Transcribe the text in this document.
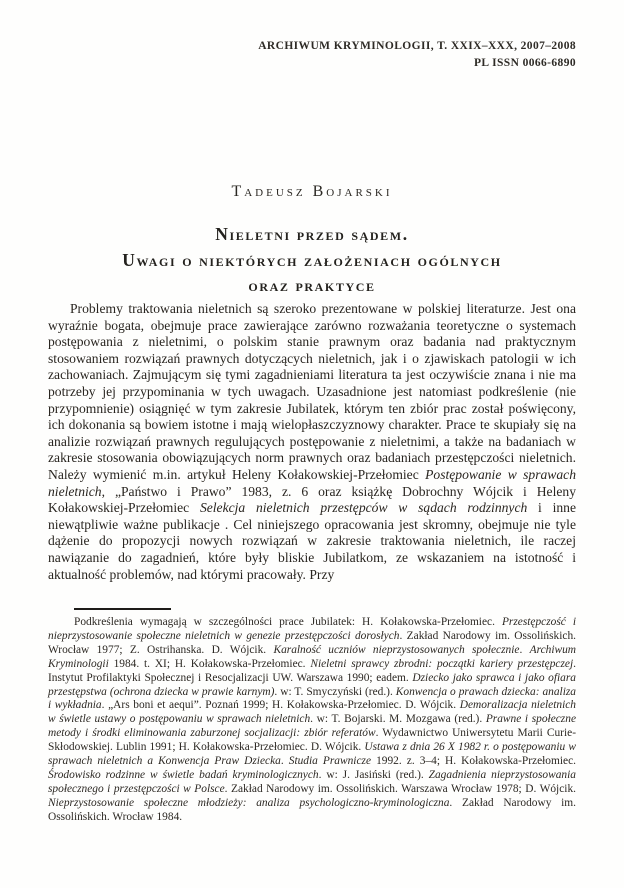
ARCHIWUM KRYMINOLOGII, T. XXIX–XXX, 2007–2008
PL ISSN 0066-6890
Tadeusz Bojarski
Nieletni przed sądem.
Uwagi o niektórych założeniach ogólnych
oraz praktyce

Problemy traktowania nieletnich są szeroko prezentowane w polskiej literaturze. Jest ona wyraźnie bogata, obejmuje prace zawierające zarówno rozważania teoretyczne o systemach postępowania z nieletnimi, o polskim stanie prawnym oraz badania nad praktycznym stosowaniem rozwiązań prawnych dotyczących nieletnich, jak i o zjawiskach patologii w ich zachowaniach. Zajmującym się tymi zagadnieniami literatura ta jest oczywiście znana i nie ma potrzeby jej przypominania w tych uwagach. Uzasadnione jest natomiast podkreślenie (nie przypomnienie) osiągnięć w tym zakresie Jubilatek, którym ten zbiór prac został poświęcony, ich dokonania są bowiem istotne i mają wielopłaszczyznowy charakter. Prace te skupiały się na analizie rozwiązań prawnych regulujących postępowanie z nieletnimi, a także na badaniach w zakresie stosowania obowiązujących norm prawnych oraz badaniach przestępczości nieletnich. Należy wymienić m.in. artykuł Heleny Kołakowskiej-Przełomiec Postępowanie w sprawach nieletnich, „Państwo i Prawo” 1983, z. 6 oraz książkę Dobrochny Wójcik i Heleny Kołakowskiej-Przełomiec Selekcja nieletnich przestępców w sądach rodzinnych i inne niewątpliwie ważne publikacje . Cel niniejszego opracowania jest skromny, obejmuje nie tyle dążenie do propozycji nowych rozwiązań w zakresie traktowania nieletnich, ile raczej nawiązanie do zagadnień, które były bliskie Jubilatkom, ze wskazaniem na istotność i aktualność problemów, nad którymi pracowały. Przy

Podkreślenia wymagają w szczególności prace Jubilatek: H. Kołakowska-Przełomiec. Przestępczość i nieprzystosowanie społeczne nieletnich w genezie przestępczości dorosłych. Zakład Narodowy im. Ossolińskich. Wrocław 1977; Z. Ostrihanska. D. Wójcik. Karalność uczniów nieprzystosowanych społecznie. Archiwum Kryminologii 1984. t. XI; H. Kołakowska-Przełomiec. Nieletni sprawcy zbrodni: początki kariery przestępczej. Instytut Profilaktyki Społecznej i Resocjalizacji UW. Warszawa 1990; eadem. Dziecko jako sprawca i jako ofiara przestępstwa (ochrona dziecka w prawie karnym). w: T. Smyczyński (red.). Konwencja o prawach dziecka: analiza i wykładnia. „Ars boni et aequi”. Poznań 1999; H. Kołakowska-Przełomiec. D. Wójcik. Demoralizacja nieletnich w świetle ustawy o postępowaniu w sprawach nieletnich. w: T. Bojarski. M. Mozgawa (red.). Prawne i społeczne metody i środki eliminowania zaburzonej socjalizacji: zbiór referatów. Wydawnictwo Uniwersytetu Marii Curie-Skłodowskiej. Lublin 1991; H. Kołakowska-Przełomiec. D. Wójcik. Ustawa z dnia 26 X 1982 r. o postępowaniu w sprawach nieletnich a Konwencja Praw Dziecka. Studia Prawnicze 1992. z. 3–4; H. Kołakowska-Przełomiec. Środowisko rodzinne w świetle badań kryminologicznych. w: J. Jasiński (red.). Zagadnienia nieprzystosowania społecznego i przestępczości w Polsce. Zakład Narodowy im. Ossolińskich. Warszawa Wrocław 1978; D. Wójcik. Nieprzystosowanie społeczne młodzieży: analiza psychologiczno-kryminologiczna. Zakład Narodowy im. Ossolińskich. Wrocław 1984.
